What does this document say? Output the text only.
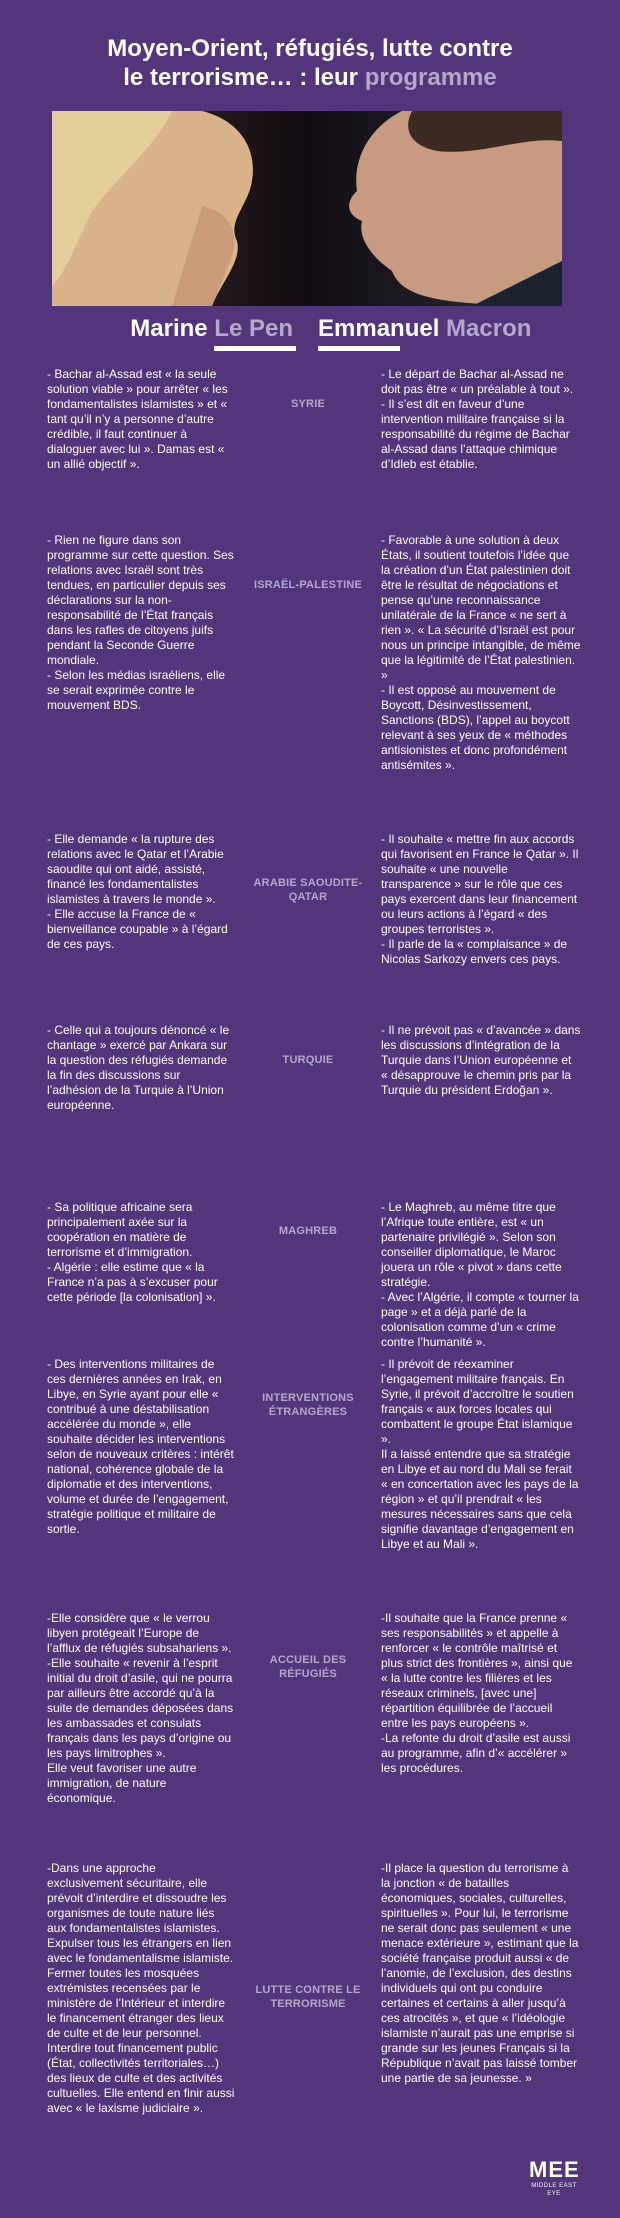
Moyen-Orient, réfugiés, lutte contre
le terrorisme… : leur programme
Marine Le Pen Emmanuel Macron
- Bachar al-Assad est « la seule solution viable » pour arrêter « les fondamentalistes islamistes » et « tant qu’il n’y a personne d’autre crédible, il faut continuer à dialoguer avec lui ». Damas est « un allié objectif ».
SYRIE
- Le départ de Bachar al-Assad ne doit pas être « un préalable à tout ».
- Il s’est dit en faveur d’une intervention militaire française si la responsabilité du régime de Bachar al-Assad dans l’attaque chimique d’Idleb est établie.
- Rien ne figure dans son programme sur cette question. Ses relations avec Israël sont très tendues, en particulier depuis ses déclarations sur la non-responsabilité de l’État français dans les rafles de citoyens juifs pendant la Seconde Guerre mondiale.
- Selon les médias israéliens, elle se serait exprimée contre le mouvement BDS.
ISRAËL-PALESTINE
- Favorable à une solution à deux États, il soutient toutefois l’idée que la création d’un État palestinien doit être le résultat de négociations et pense qu’une reconnaissance unilatérale de la France « ne sert à rien ». « La sécurité d’Israël est pour nous un principe intangible, de même que la légitimité de l’État palestinien. »
- Il est opposé au mouvement de Boycott, Désinvestissement, Sanctions (BDS), l’appel au boycott relevant à ses yeux de « méthodes antisionistes et donc profondément antisémites ».
- Elle demande « la rupture des relations avec le Qatar et l’Arabie saoudite qui ont aidé, assisté, financé les fondamentalistes islamistes à travers le monde ».
- Elle accuse la France de « bienveillance coupable » à l’égard de ces pays.
ARABIE SAOUDITE-QATAR
- Il souhaite « mettre fin aux accords qui favorisent en France le Qatar ». Il souhaite « une nouvelle transparence » sur le rôle que ces pays exercent dans leur financement ou leurs actions à l’égard « des groupes terroristes ».
- Il parle de la « complaisance » de Nicolas Sarkozy envers ces pays.
- Celle qui a toujours dénoncé « le chantage » exercé par Ankara sur la question des réfugiés demande la fin des discussions sur l’adhésion de la Turquie à l’Union européenne.
TURQUIE
- Il ne prévoit pas « d’avancée » dans les discussions d’intégration de la Turquie dans l’Union européenne et « désapprouve le chemin pris par la Turquie du président Erdoğan ».
- Sa politique africaine sera principalement axée sur la coopération en matière de terrorisme et d’immigration.
- Algérie : elle estime que « la France n’a pas à s’excuser pour cette période [la colonisation] ».
MAGHREB
- Le Maghreb, au même titre que l’Afrique toute entière, est « un partenaire privilégié ». Selon son conseiller diplomatique, le Maroc jouera un rôle « pivot » dans cette stratégie.
- Avec l’Algérie, il compte « tourner la page » et a déjà parlé de la colonisation comme d’un « crime contre l’humanité ».
- Des interventions militaires de ces dernières années en Irak, en Libye, en Syrie ayant pour elle « contribué à une déstabilisation accélérée du monde », elle souhaite décider les interventions selon de nouveaux critères : intérêt national, cohérence globale de la diplomatie et des interventions, volume et durée de l’engagement, stratégie politique et militaire de sortie.
INTERVENTIONS ÉTRANGÈRES
- Il prévoit de réexaminer l’engagement militaire français. En Syrie, il prévoit d’accroître le soutien français « aux forces locales qui combattent le groupe État islamique ».
Il a laissé entendre que sa stratégie en Libye et au nord du Mali se ferait « en concertation avec les pays de la région » et qu’il prendrait « les mesures nécessaires sans que cela signifie davantage d’engagement en Libye et au Mali ».
-Elle considère que « le verrou libyen protégeait l’Europe de l’afflux de réfugiés subsahariens ».
-Elle souhaite « revenir à l’esprit initial du droit d’asile, qui ne pourra par ailleurs être accordé qu’à la suite de demandes déposées dans les ambassades et consulats français dans les pays d’origine ou les pays limitrophes ».
Elle veut favoriser une autre immigration, de nature économique.
ACCUEIL DES RÉFUGIÉS
-Il souhaite que la France prenne « ses responsabilités » et appelle à renforcer « le contrôle maîtrisé et plus strict des frontières », ainsi que « la lutte contre les filières et les réseaux criminels, [avec une] répartition équilibrée de l’accueil entre les pays européens ».
-La refonte du droit d’asile est aussi au programme, afin d’« accélérer » les procédures.
-Dans une approche exclusivement sécuritaire, elle prévoit d’interdire et dissoudre les organismes de toute nature liés aux fondamentalistes islamistes. Expulser tous les étrangers en lien avec le fondamentalisme islamiste. Fermer toutes les mosquées extrémistes recensées par le ministère de l’Intérieur et interdire le financement étranger des lieux de culte et de leur personnel. Interdire tout financement public (État, collectivités territoriales…) des lieux de culte et des activités cultuelles. Elle entend en finir aussi avec « le laxisme judiciaire ».
LUTTE CONTRE LE TERRORISME
-Il place la question du terrorisme à la jonction « de batailles économiques, sociales, culturelles, spirituelles ». Pour lui, le terrorisme ne serait donc pas seulement « une menace extérieure », estimant que la société française produit aussi « de l’anomie, de l’exclusion, des destins individuels qui ont pu conduire certaines et certains à aller jusqu’à ces atrocités », et que « l’idéologie islamiste n’aurait pas une emprise si grande sur les jeunes Français si la République n’avait pas laissé tomber une partie de sa jeunesse. »
MEE
MIDDLE EAST EYE
